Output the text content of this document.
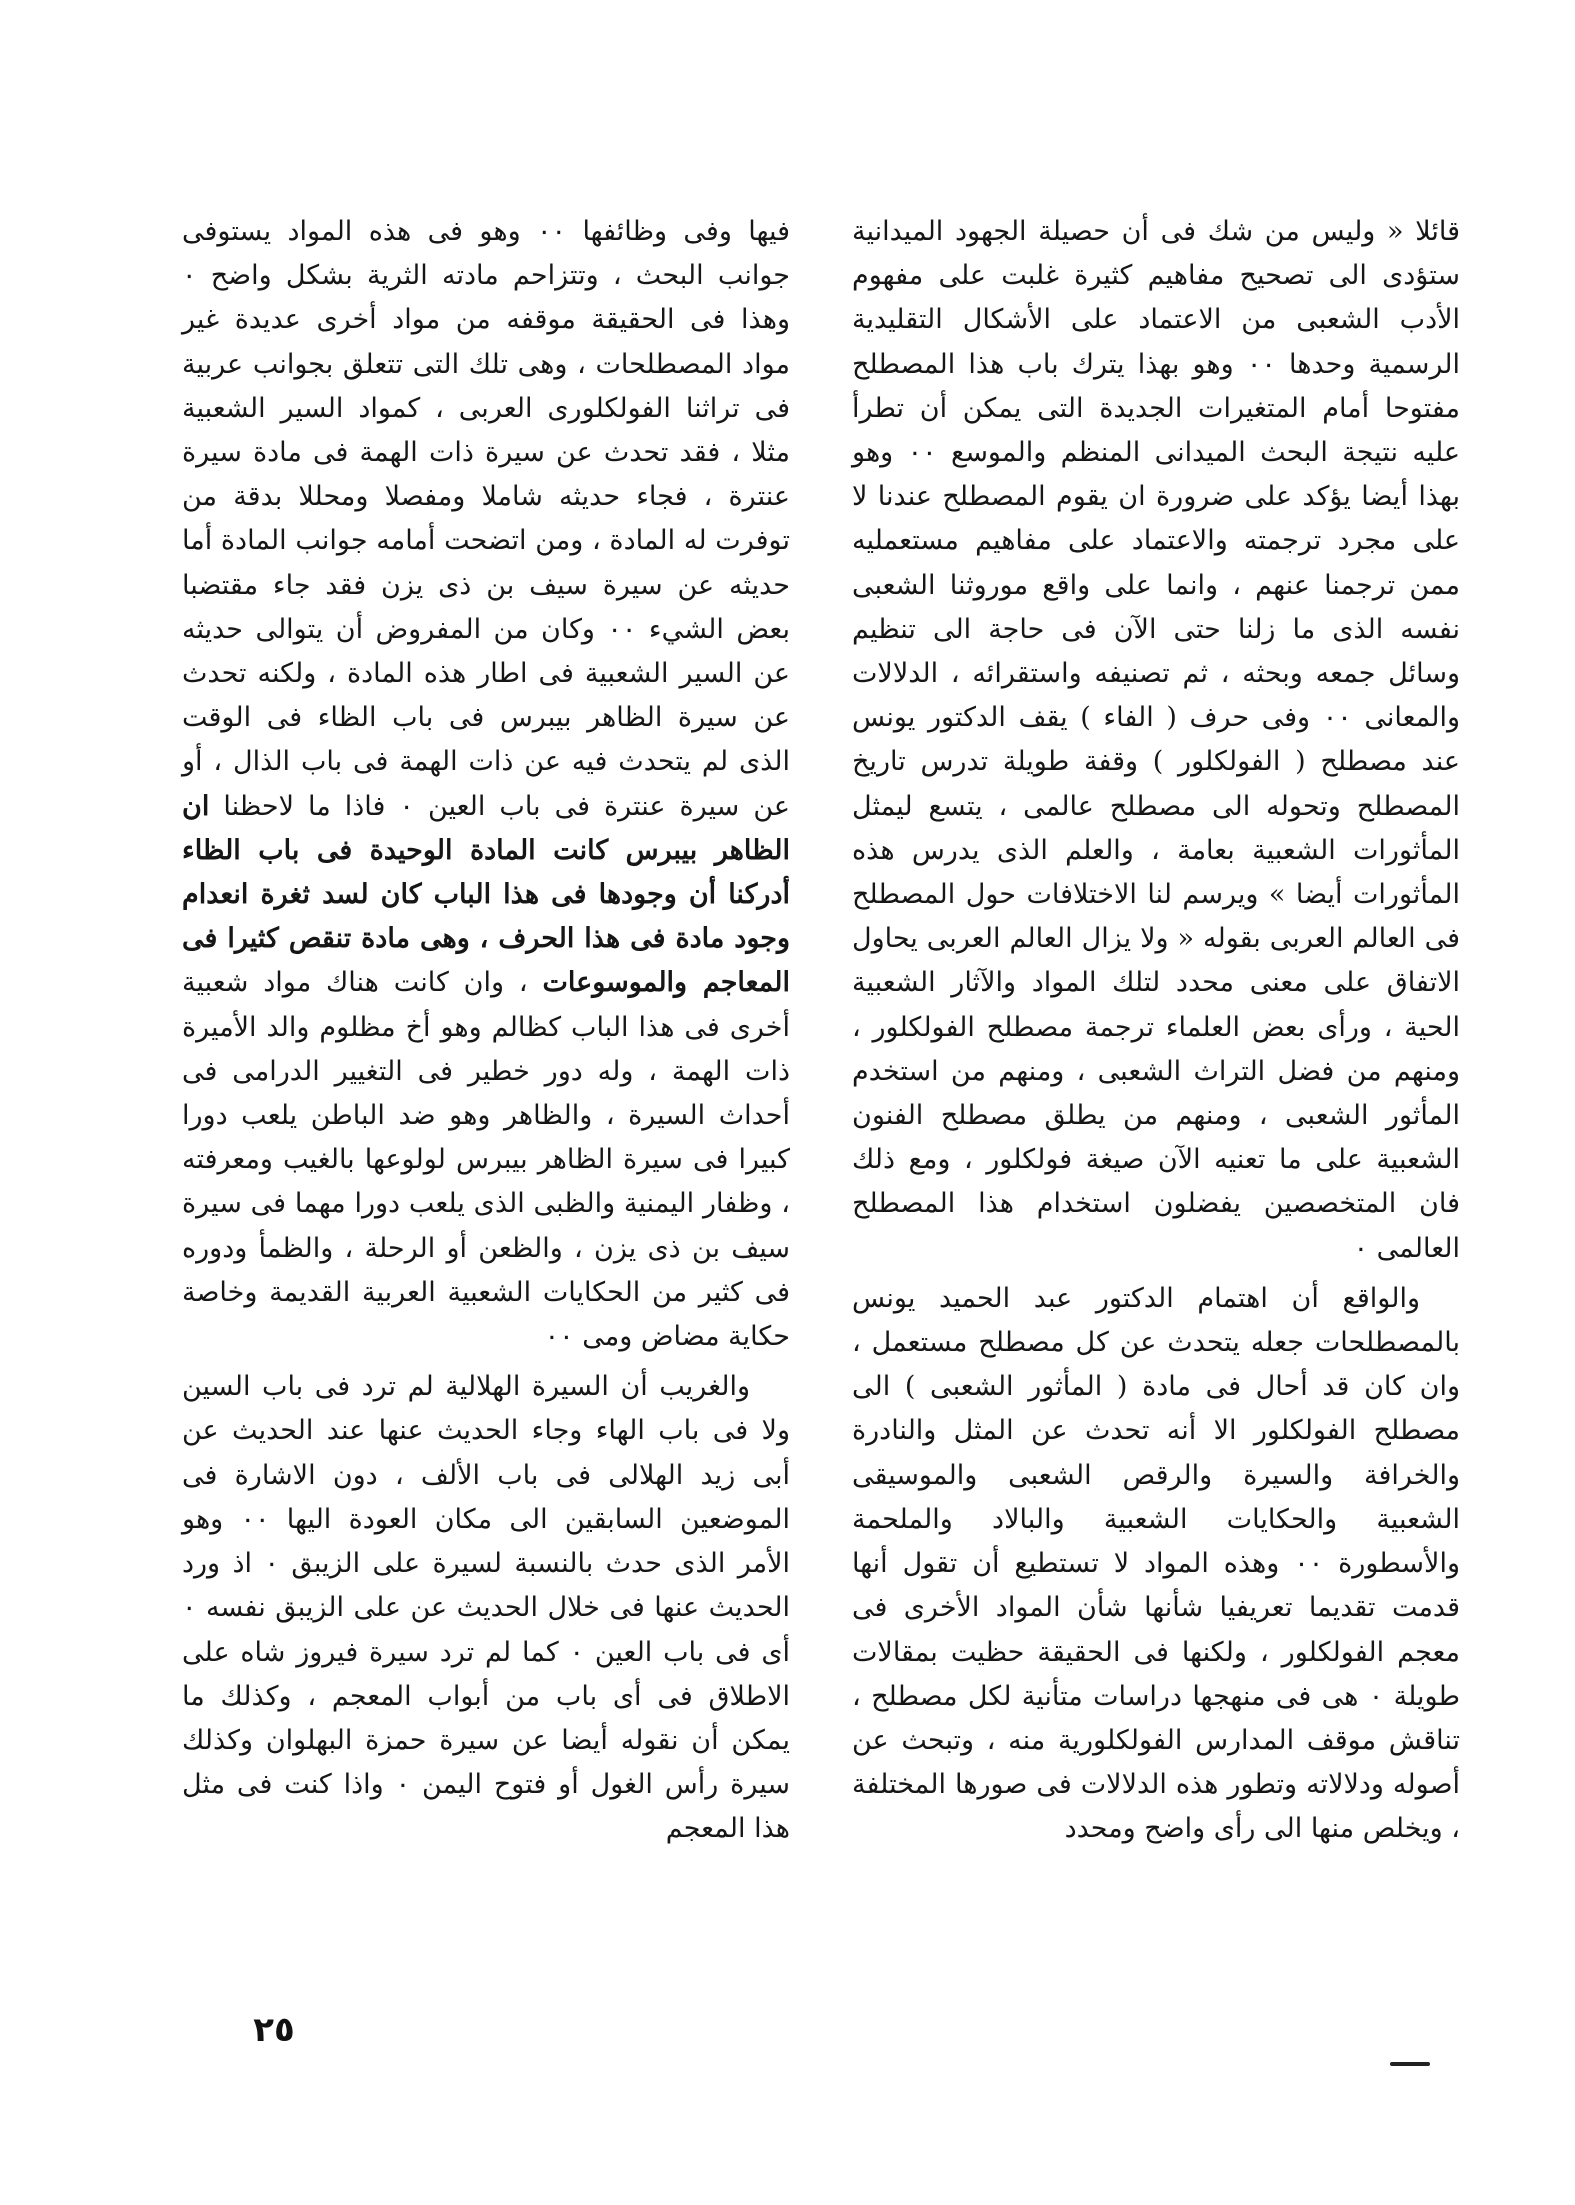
قائلا « وليس من شك فى أن حصيلة الجهود الميدانية ستؤدى الى تصحيح مفاهيم كثيرة غلبت على مفهوم الأدب الشعبى من الاعتماد على الأشكال التقليدية الرسمية وحدها ٠٠ وهو بهذا يترك باب هذا المصطلح مفتوحا أمام المتغيرات الجديدة التى يمكن أن تطرأ عليه نتيجة البحث الميدانى المنظم والموسع ٠٠ وهو بهذا أيضا يؤكد على ضرورة ان يقوم المصطلح عندنا لا على مجرد ترجمته والاعتماد على مفاهيم مستعمليه ممن ترجمنا عنهم ، وانما على واقع موروثنا الشعبى نفسه الذى ما زلنا حتى الآن فى حاجة الى تنظيم وسائل جمعه وبحثه ، ثم تصنيفه واستقرائه ، الدلالات والمعانى ٠٠ وفى حرف ( الفاء ) يقف الدكتور يونس عند مصطلح ( الفولكلور ) وقفة طويلة تدرس تاريخ المصطلح وتحوله الى مصطلح عالمى ، يتسع ليمثل المأثورات الشعبية بعامة ، والعلم الذى يدرس هذه المأثورات أيضا » ويرسم لنا الاختلافات حول المصطلح فى العالم العربى بقوله « ولا يزال العالم العربى يحاول الاتفاق على معنى محدد لتلك المواد والآثار الشعبية الحية ، ورأى بعض العلماء ترجمة مصطلح الفولكلور ، ومنهم من فضل التراث الشعبى ، ومنهم من استخدم المأثور الشعبى ، ومنهم من يطلق مصطلح الفنون الشعبية على ما تعنيه الآن صيغة فولكلور ، ومع ذلك فان المتخصصين يفضلون استخدام هذا المصطلح العالمى ٠

والواقع أن اهتمام الدكتور عبد الحميد يونس بالمصطلحات جعله يتحدث عن كل مصطلح مستعمل ، وان كان قد أحال فى مادة ( المأثور الشعبى ) الى مصطلح الفولكلور الا أنه تحدث عن المثل والنادرة والخرافة والسيرة والرقص الشعبى والموسيقى الشعبية والحكايات الشعبية والبالاد والملحمة والأسطورة ٠٠ وهذه المواد لا تستطيع أن تقول أنها قدمت تقديما تعريفيا شأنها شأن المواد الأخرى فى معجم الفولكلور ، ولكنها فى الحقيقة حظيت بمقالات طويلة ٠ هى فى منهجها دراسات متأنية لكل مصطلح ، تناقش موقف المدارس الفولكلورية منه ، وتبحث عن أصوله ودلالاته وتطور هذه الدلالات فى صورها المختلفة ، ويخلص منها الى رأى واضح ومحدد

فيها وفى وظائفها ٠٠ وهو فى هذه المواد يستوفى جوانب البحث ، وتتزاحم مادته الثرية بشكل واضح ٠ وهذا فى الحقيقة موقفه من مواد أخرى عديدة غير مواد المصطلحات ، وهى تلك التى تتعلق بجوانب عربية فى تراثنا الفولكلورى العربى ، كمواد السير الشعبية مثلا ، فقد تحدث عن سيرة ذات الهمة فى مادة سيرة عنترة ، فجاء حديثه شاملا ومفصلا ومحللا بدقة من توفرت له المادة ، ومن اتضحت أمامه جوانب المادة أما حديثه عن سيرة سيف بن ذى يزن فقد جاء مقتضبا بعض الشيء ٠٠ وكان من المفروض أن يتوالى حديثه عن السير الشعبية فى اطار هذه المادة ، ولكنه تحدث عن سيرة الظاهر بيبرس فى باب الظاء فى الوقت الذى لم يتحدث فيه عن ذات الهمة فى باب الذال ، أو عن سيرة عنترة فى باب العين ٠ فاذا ما لاحظنا ان الظاهر بيبرس كانت المادة الوحيدة فى باب الظاء أدركنا أن وجودها فى هذا الباب كان لسد ثغرة انعدام وجود مادة فى هذا الحرف ، وهى مادة تنقص كثيرا فى المعاجم والموسوعات ، وان كانت هناك مواد شعبية أخرى فى هذا الباب كظالم وهو أخ مظلوم والد الأميرة ذات الهمة ، وله دور خطير فى التغيير الدرامى فى أحداث السيرة ، والظاهر وهو ضد الباطن يلعب دورا كبيرا فى سيرة الظاهر بيبرس لولوعها بالغيب ومعرفته ، وظفار اليمنية والظبى الذى يلعب دورا مهما فى سيرة سيف بن ذى يزن ، والظعن أو الرحلة ، والظمأ ودوره فى كثير من الحكايات الشعبية العربية القديمة وخاصة حكاية مضاض ومى ٠٠

والغريب أن السيرة الهلالية لم ترد فى باب السين ولا فى باب الهاء وجاء الحديث عنها عند الحديث عن أبى زيد الهلالى فى باب الألف ، دون الاشارة فى الموضعين السابقين الى مكان العودة اليها ٠٠ وهو الأمر الذى حدث بالنسبة لسيرة على الزيبق ٠ اذ ورد الحديث عنها فى خلال الحديث عن على الزيبق نفسه ٠ أى فى باب العين ٠ كما لم ترد سيرة فيروز شاه على الاطلاق فى أى باب من أبواب المعجم ، وكذلك ما يمكن أن نقوله أيضا عن سيرة حمزة البهلوان وكذلك سيرة رأس الغول أو فتوح اليمن ٠ واذا كنت فى مثل هذا المعجم

٢٥
